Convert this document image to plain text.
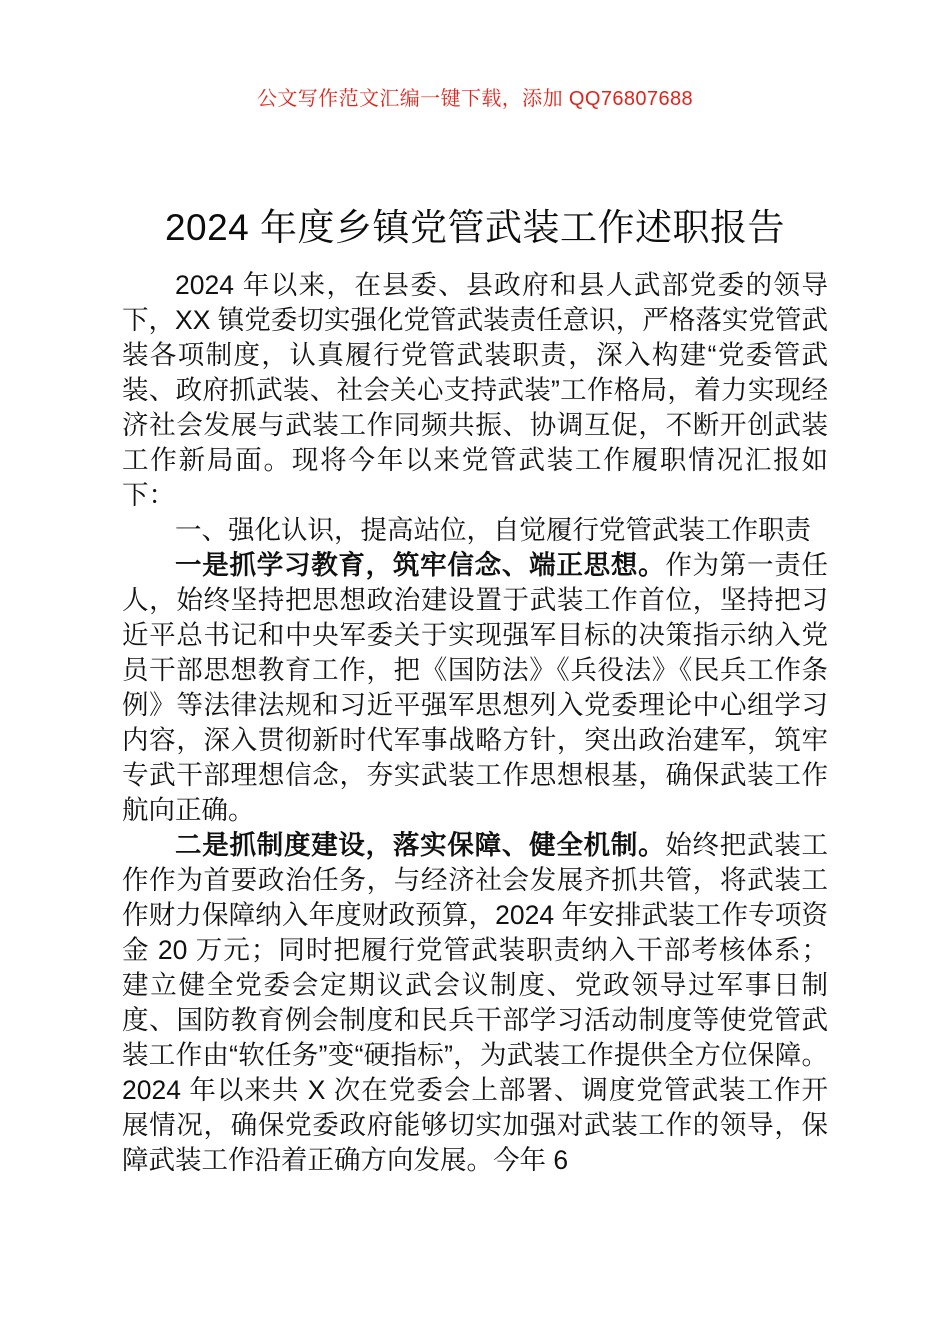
公文写作范文汇编一键下载，添加 QQ76807688
2024 年度乡镇党管武装工作述职报告

2024 年以来，在县委、县政府和县人武部党委的领导下，XX 镇党委切实强化党管武装责任意识，严格落实党管武装各项制度，认真履行党管武装职责，深入构建“党委管武装、政府抓武装、社会关心支持武装”工作格局，着力实现经济社会发展与武装工作同频共振、协调互促，不断开创武装工作新局面。现将今年以来党管武装工作履职情况汇报如下：

一、强化认识，提高站位，自觉履行党管武装工作职责

一是抓学习教育，筑牢信念、端正思想。作为第一责任人，始终坚持把思想政治建设置于武装工作首位，坚持把习近平总书记和中央军委关于实现强军目标的决策指示纳入党员干部思想教育工作，把《国防法》《兵役法》《民兵工作条例》等法律法规和习近平强军思想列入党委理论中心组学习内容，深入贯彻新时代军事战略方针，突出政治建军，筑牢专武干部理想信念，夯实武装工作思想根基，确保武装工作航向正确。

二是抓制度建设，落实保障、健全机制。始终把武装工作作为首要政治任务，与经济社会发展齐抓共管，将武装工作财力保障纳入年度财政预算，2024 年安排武装工作专项资金 20 万元；同时把履行党管武装职责纳入干部考核体系；建立健全党委会定期议武会议制度、党政领导过军事日制度、国防教育例会制度和民兵干部学习活动制度等使党管武装工作由“软任务”变“硬指标”，为武装工作提供全方位保障。2024 年以来共 X 次在党委会上部署、调度党管武装工作开展情况，确保党委政府能够切实加强对武装工作的领导，保障武装工作沿着正确方向发展。今年 6
